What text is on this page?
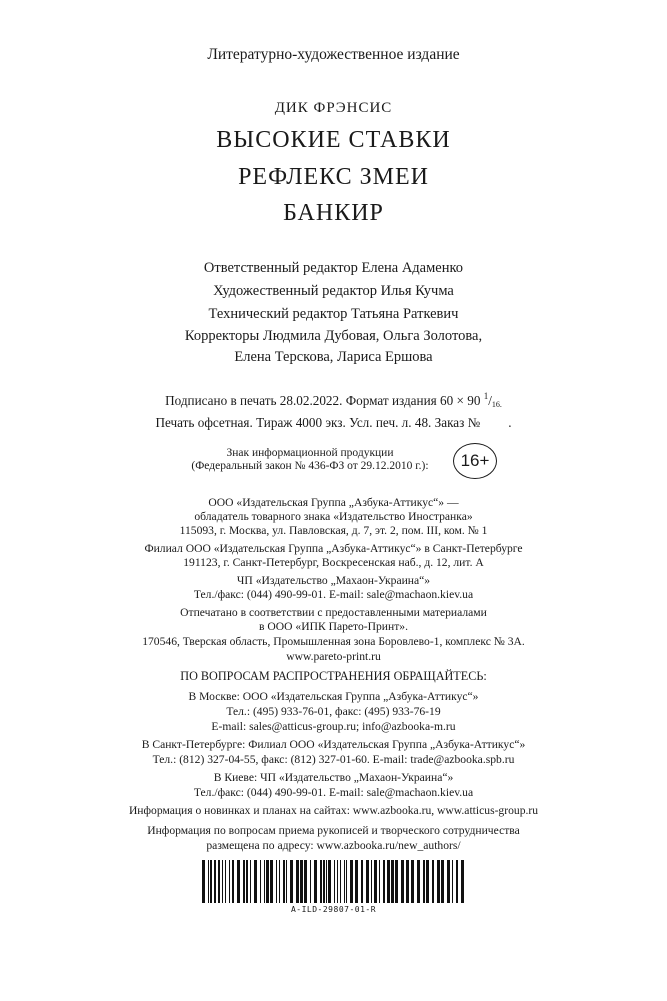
Литературно-художественное издание
ДИК ФРЭНСИС
ВЫСОКИЕ СТАВКИ
РЕФЛЕКС ЗМЕИ
БАНКИР
Ответственный редактор Елена Адаменко
Художественный редактор Илья Кучма
Технический редактор Татьяна Раткевич
Корректоры Людмила Дубовая, Ольга Золотова,
Елена Терскова, Лариса Ершова
Подписано в печать 28.02.2022. Формат издания 60 × 90 $^1$/16.
Печать офсетная. Тираж 4000 экз. Усл. печ. л. 48. Заказ № .
Знак информационной продукции
(Федеральный закон № 436-ФЗ от 29.12.2010 г.):	16+
ООО «Издательская Группа „Азбука-Аттикус“» —
обладатель товарного знака «Издательство Иностранка»
115093, г. Москва, ул. Павловская, д. 7, эт. 2, пом. III, ком. № 1
Филиал ООО «Издательская Группа „Азбука-Аттикус“» в Санкт-Петербурге
191123, г. Санкт-Петербург, Воскресенская наб., д. 12, лит. А
ЧП «Издательство „Махаон-Украина“»
Тел./факс: (044) 490-99-01. E-mail: sale@machaon.kiev.ua
Отпечатано в соответствии с предоставленными материалами
в ООО «ИПК Парето-Принт».
170546, Тверская область, Промышленная зона Боровлево-1, комплекс № 3А.
www.pareto-print.ru
ПО ВОПРОСАМ РАСПРОСТРАНЕНИЯ ОБРАЩАЙТЕСЬ:
В Москве: ООО «Издательская Группа „Азбука-Аттикус“»
Тел.: (495) 933-76-01, факс: (495) 933-76-19
E-mail: sales@atticus-group.ru; info@azbooka-m.ru
В Санкт-Петербурге: Филиал ООО «Издательская Группа „Азбука-Аттикус“»
Тел.: (812) 327-04-55, факс: (812) 327-01-60. E-mail: trade@azbooka.spb.ru
В Киеве: ЧП «Издательство „Махаон-Украина“»
Тел./факс: (044) 490-99-01. E-mail: sale@machaon.kiev.ua
Информация о новинках и планах на сайтах: www.azbooka.ru, www.atticus-group.ru
Информация по вопросам приема рукописей и творческого сотрудничества
размещена по адресу: www.azbooka.ru/new_authors/
A-ILD-29807-01-R
